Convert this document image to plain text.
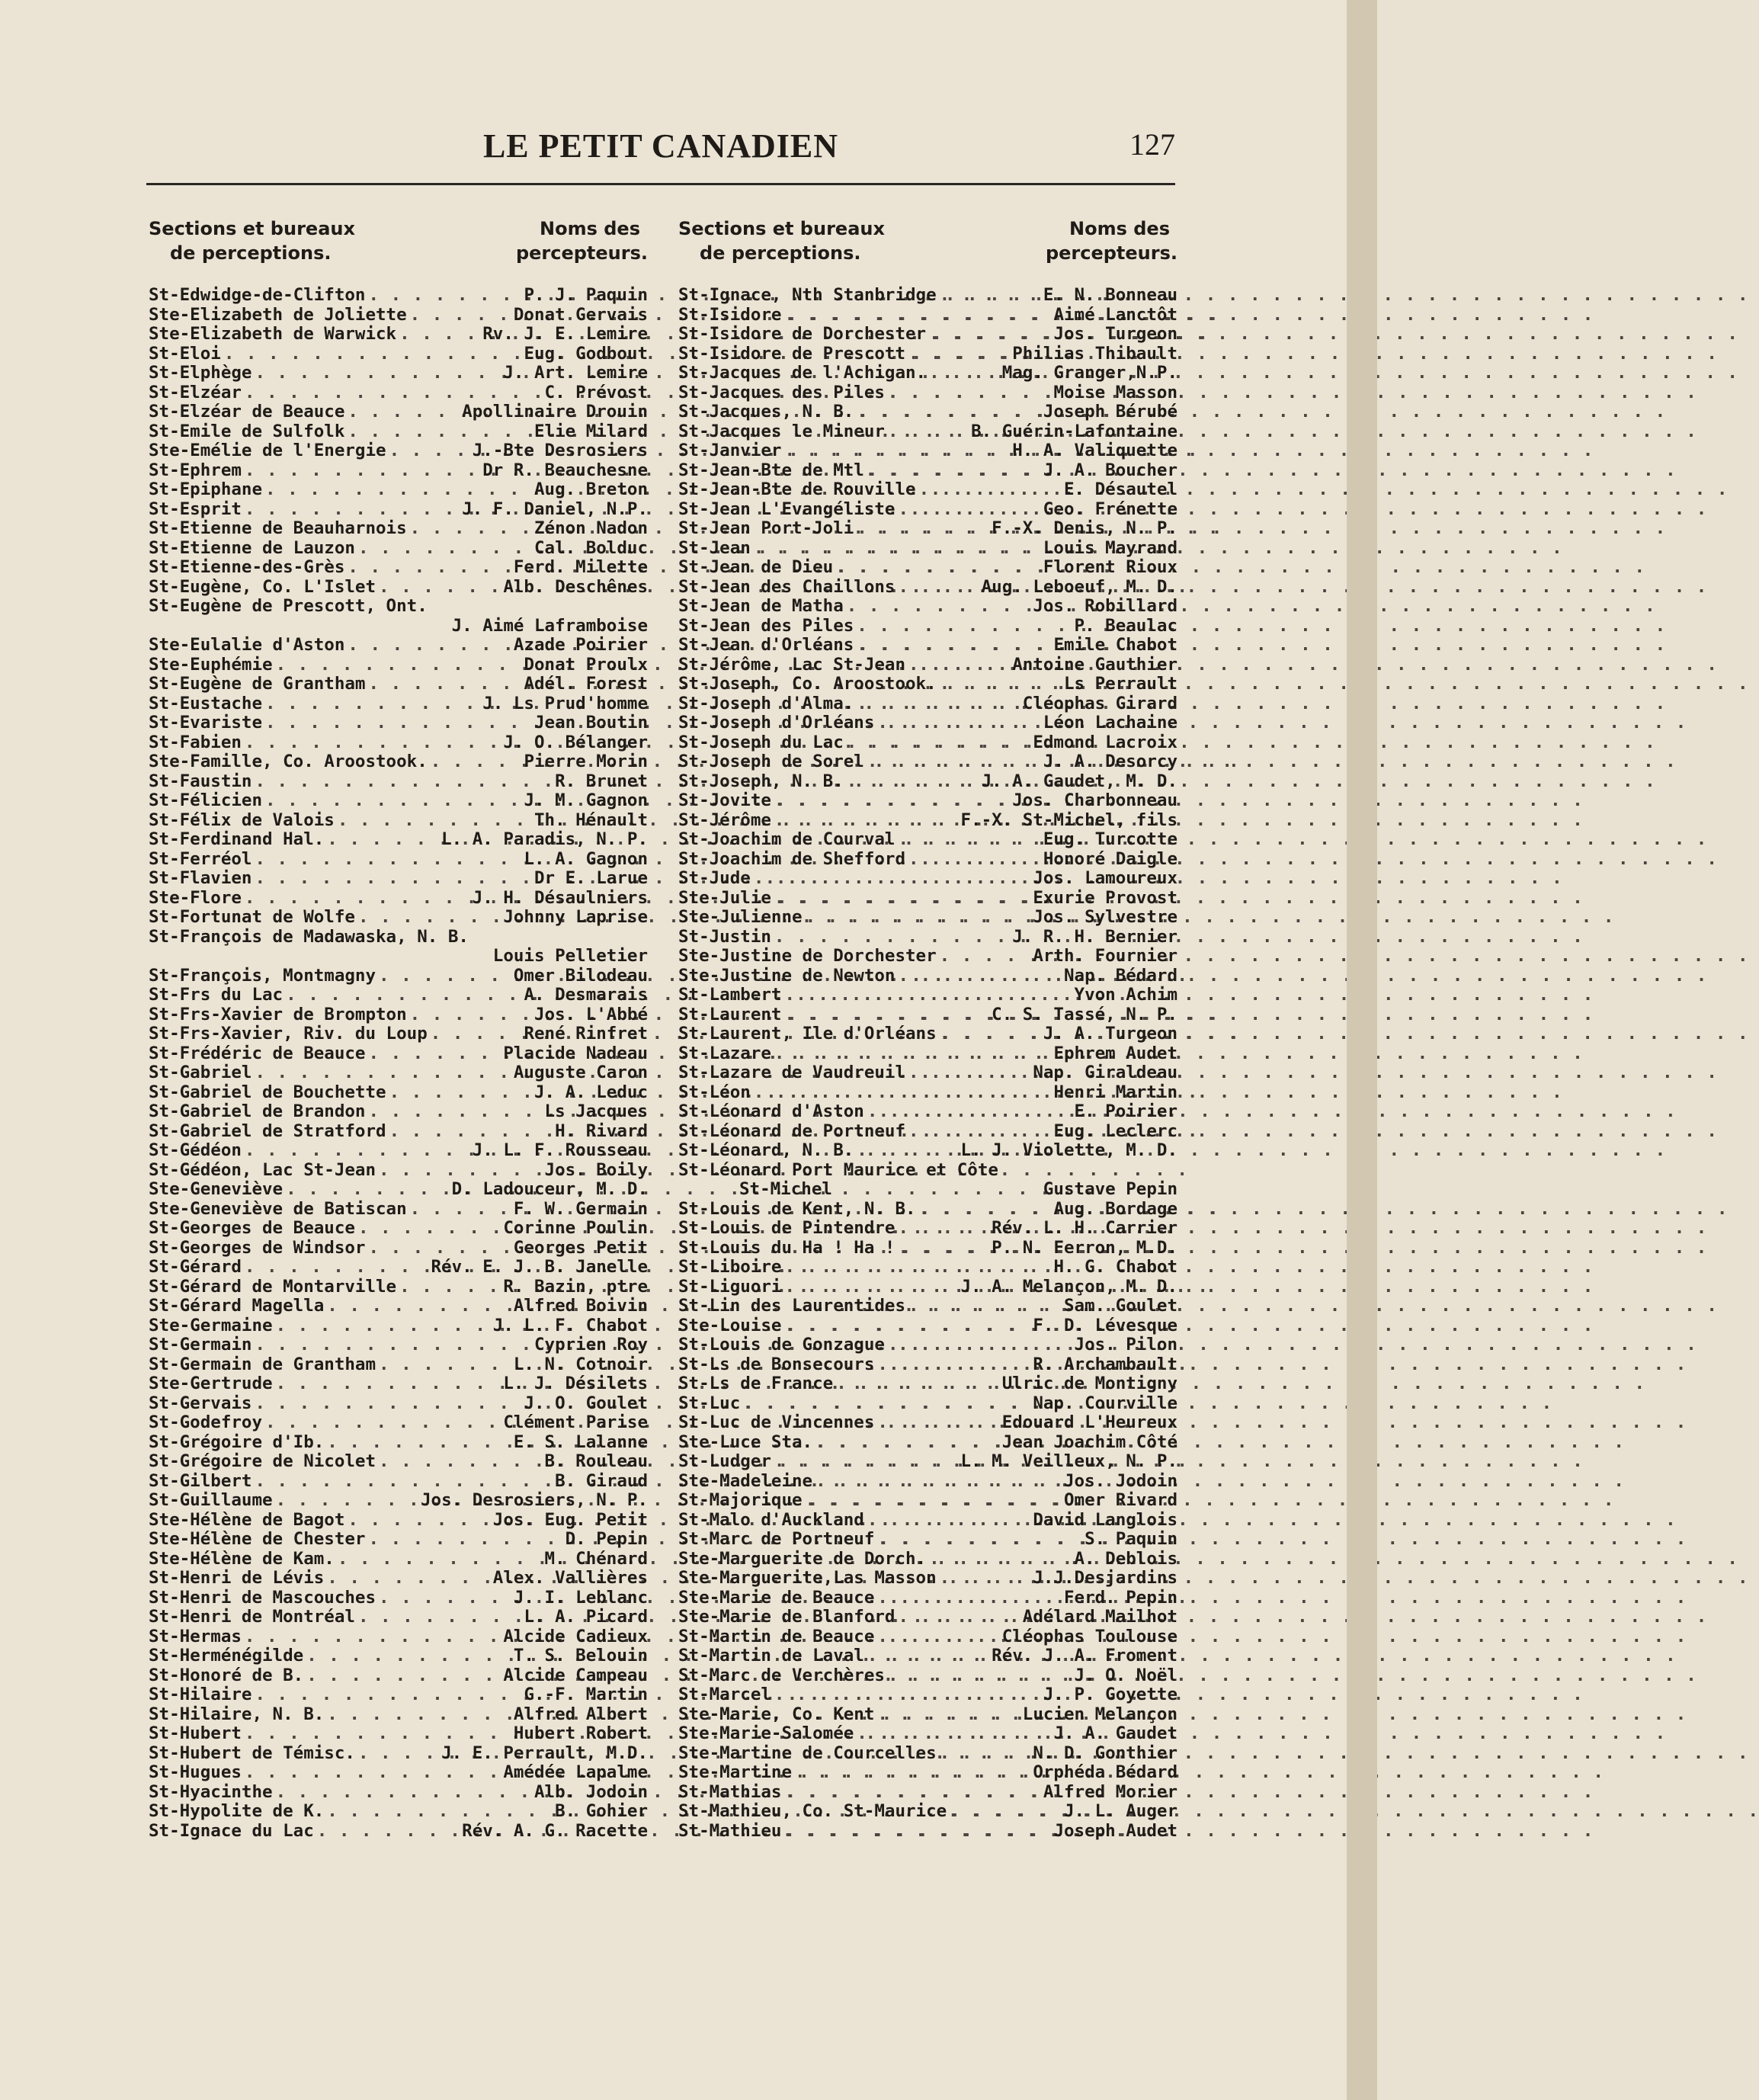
LE PETIT CANADIEN	127
Sections et bureaux
de perceptions.
Noms des
percepteurs.
St-Edwidge-de-Clifton . . .	P. J. Paquin
Ste-Elizabeth de Joliette . . .	Donat Gervais
Ste-Elizabeth de Warwick . . .	Rv. J. E. Lemire
St-Eloi . . .	Eug. Godbout
St-Elphège . . .	J. Art. Lemire
St-Elzéar . . .	C. Prévost
St-Elzéar de Beauce . . .	Apollinaire Drouin
St-Emile de Sulfolk . . .	Elie Milard
Ste-Emélie de l'Energie . . .	J.-Bte Desrosiers
St-Ephrem . . .	Dr R. Beauchesne
St-Epiphane . . .	Aug. Breton
St-Esprit . . .	J. F. Daniel, N.P.
St-Etienne de Beauharnois . . .	Zénon Nadon
St-Etienne de Lauzon . . .	Cal. Bolduc
St-Etienne-des-Grès . . .	Ferd. Milette
St-Eugène, Co. L'Islet . . .	Alb. Deschênes
St-Eugène de Prescott, Ont.
J. Aimé Laframboise
Ste-Eulalie d'Aston . . .	Azade Poirier
Ste-Euphémie . . .	Donat Proulx
St-Eugène de Grantham . . .	Adél. Forest
St-Eustache . . .	J. Ls Prud'homme
St-Evariste . . .	Jean Boutin
St-Fabien . . .	J. O. Bélanger
Ste-Famille, Co. Aroostook. . . .	Pierre Morin
St-Faustin . . .	R. Brunet
St-Félicien . . .	J. M. Gagnon
St-Félix de Valois . . .	Th. Hénault
St-Ferdinand Hal. . . .	L. A. Paradis, N. P.
St-Ferréol . . .	L. A. Gagnon
St-Flavien . . .	Dr E. Larue
Ste-Flore . . .	J. H. Désaulniers
St-Fortunat de Wolfe . . .	Johnny Laprise
St-François de Madawaska, N. B.
Louis Pelletier
St-François, Montmagny . . .	Omer Bilodeau
St-Frs du Lac . . .	A. Desmarais
St-Frs-Xavier de Brompton . . .	Jos. L'Abbé
St-Frs-Xavier, Riv. du Loup . . .	René Rinfret
St-Frédéric de Beauce . . .	Placide Nadeau
St-Gabriel . . .	Auguste Caron
St-Gabriel de Bouchette . . .	J. A. Leduc
St-Gabriel de Brandon . . .	Ls Jacques
St-Gabriel de Stratford . . .	H. Rivard
St-Gédéon . . .	J. L. F. Rousseau
St-Gédéon, Lac St-Jean . . .	Jos. Boily
Ste-Geneviève . . .	D. Ladouceur, M. D.
Ste-Geneviève de Batiscan . . .	F. W. Germain
St-Georges de Beauce . . .	Corinne Poulin
St-Georges de Windsor . . .	Georges Petit
St-Gérard . . .	Rév. E. J. B. Janelle
St-Gérard de Montarville . . .	R. Bazin, ptre
St-Gérard Magella . . .	Alfred Boivin
Ste-Germaine . . .	J. L. F. Chabot
St-Germain . . .	Cyprien Roy
St-Germain de Grantham . . .	L. N. Cotnoir
Ste-Gertrude . . .	L. J. Désilets
St-Gervais . . .	J. O. Goulet
St-Godefroy . . .	Clément Parise
St-Grégoire d'Ib. . . .	E. S. Lalanne
St-Grégoire de Nicolet . . .	B. Rouleau
St-Gilbert . . .	B. Giraud
St-Guillaume . . .	Jos. Desrosiers, N. P.
Ste-Hélène de Bagot . . .	Jos. Eug. Petit
Ste-Hélène de Chester . . .	D. Pepin
Ste-Hélène de Kam. . . .	M. Chénard
St-Henri de Lévis . . .	Alex. Vallières
St-Henri de Mascouches . . .	J. I. Leblanc
St-Henri de Montréal . . .	L. A. Picard
St-Hermas . . .	Alcide Cadieux
St-Herménégilde . . .	T. S. Belouin
St-Honoré de B. . . .	Alcide Campeau
St-Hilaire . . .	G.-F. Martin
St-Hilaire, N. B. . . .	Alfred Albert
St-Hubert . . .	Hubert Robert
St-Hubert de Témisc. . . .	J. E. Perrault, M.D.
St-Hugues . . .	Amédée Lapalme
St-Hyacinthe . . .	Alb. Jodoin
St-Hypolite de K. . . .	B. Gohier
St-Ignace du Lac . . .	Rév. A. G. Racette
Sections et bureaux
de perceptions.
Noms des
percepteurs.
St-Ignace, Nth Stanbridge . . .	E. N. Bonneau
St-Isidore . . .	Aimé Lanctôt
St-Isidore de Dorchester . . .	Jos. Turgeon
St-Isidore de Prescott . . .	Philias Thibault
St-Jacques de l'Achigan. . . .	Mag. Granger,N.P.
St-Jacques des Piles . . .	Moise Masson
St-Jacques, N. B. . . .	Joseph Bérubé
St-Jacques le Mineur . . .	B. Guérin-Lafontaine
St-Janvier . . .	H. A. Valiquette
St-Jean-Bte de Mtl . . .	J. A. Boucher
St-Jean-Bte de Rouville . . .	E. Désautel
St-Jean L'Evangéliste . . .	Geo. Frénette
St-Jean Port-Joli . . .	F.-X. Denis, N. P.
St-Jean . . .	Louis Mayrand
St-Jean de Dieu . . .	Florent Rioux
St-Jean des Chaillons . . .	Aug. Leboeuf, M. D.
St-Jean de Matha . . .	Jos. Robillard
St-Jean des Piles . . .	P. Beaulac
St-Jean d'Orléans . . .	Emile Chabot
St-Jérôme, Lac St-Jean . . .	Antoine Gauthier
St-Joseph, Co. Aroostook. . . .	Ls Perrault
St-Joseph d'Alma. . . .	Cléophas Girard
St-Joseph d'Orléans . . .	Léon Lachaine
St-Joseph du Lac . . .	Edmond Lacroix
St-Joseph de Sorel . . .	J. A. Desorcy
St-Joseph, N. B. . . .	J. A. Gaudet, M. D.
St-Jovite . . .	Jos. Charbonneau
St-Jérôme . . .	F.-X. St-Michel, fils
St-Joachim de Courval . . .	Eug. Turcotte
St-Joachim de Shefford . . .	Honoré Daigle
St-Jude . . .	Jos. Lamoureux
Ste-Julie . . .	Exurie Provost
Ste-Julienne . . .	Jos. Sylvestre
St-Justin . . .	J. R. H. Bernier
Ste-Justine de Dorchester . . .	Arth. Fournier
Ste-Justine de Newton . . .	Nap. Bédard
St-Lambert . . .	Yvon Achim
St-Laurent . . .	C. S. Tassé, N. P.
St-Laurent, Ile d'Orléans . . .	J. A. Turgeon
St-Lazare . . .	Ephrem Audet
St-Lazare de Vaudreuil . . .	Nap. Giraldeau
St-Léon . . .	Henri Martin
St-Léonard d'Aston . . .	E. Poirier
St-Léonard de Portneuf . . .	Eug. Leclerc
St-Léonard, N. B. . . .	L. J. Violette, M. D.
St-Léonard Port Maurice et Côte
St-Michel	Gustave Pepin
St-Louis de Kent, N. B. . . .	Aug. Bordage
St-Louis de Pintendre . . .	Rév. L. H. Carrier
St-Louis du Ha ! Ha ! . . .	P. N. Ferron, M.D.
St-Liboire . . .	H. G. Chabot
St-Liguori . . .	J. A. Melançon, M. D.
St-Lin des Laurentides . . .	Sam. Goulet
Ste-Louise . . .	F. D. Lévesque
St-Louis de Gonzague . . .	Jos. Pilon
St-Ls de Bonsecours . . .	R. Archambault
St-Ls de France . . .	Ulric de Montigny
St-Luc . . .	Nap. Courville
St-Luc de Vincennes . . .	Edouard L'Heureux
Ste-Luce Sta. . . .	Jean Joachim Côté
St-Ludger . . .	L. M. Veilleux, N. P.
Ste-Madeleine . . .	Jos. Jodoin
St-Majorique . . .	Omer Rivard
St-Malo d'Auckland . . .	David Langlois
St-Marc de Portneuf . . .	S. Paquin
Ste-Marguerite de Dorch. . . .	A. Deblois
Ste-Marguerite,Las Masson . . .	J.J.Desjardins
Ste-Marie de Beauce . . .	Ferd. Pepin
Ste-Marie de Blanford . . .	Adélard Mailhot
St-Martin de Beauce . . .	Cléophas Toulouse
St-Martin de Laval . . .	Rév. J. A. Froment
St-Marc de Verchères . . .	J. O. Noël
St-Marcel . . .	J. P. Goyette
Ste-Marie, Co. Kent . . .	Lucien Melançon
Ste-Marie-Salomée . . .	J. A. Gaudet
Ste-Martine de Courcelles . . .	N. D. Gonthier
Ste-Martine . . .	Orphéda Bédard
St-Mathias . . .	Alfred Morier
St-Mathieu, Co. St-Maurice . . .	J. L. Auger
St-Mathieu . . .	Joseph Audet
